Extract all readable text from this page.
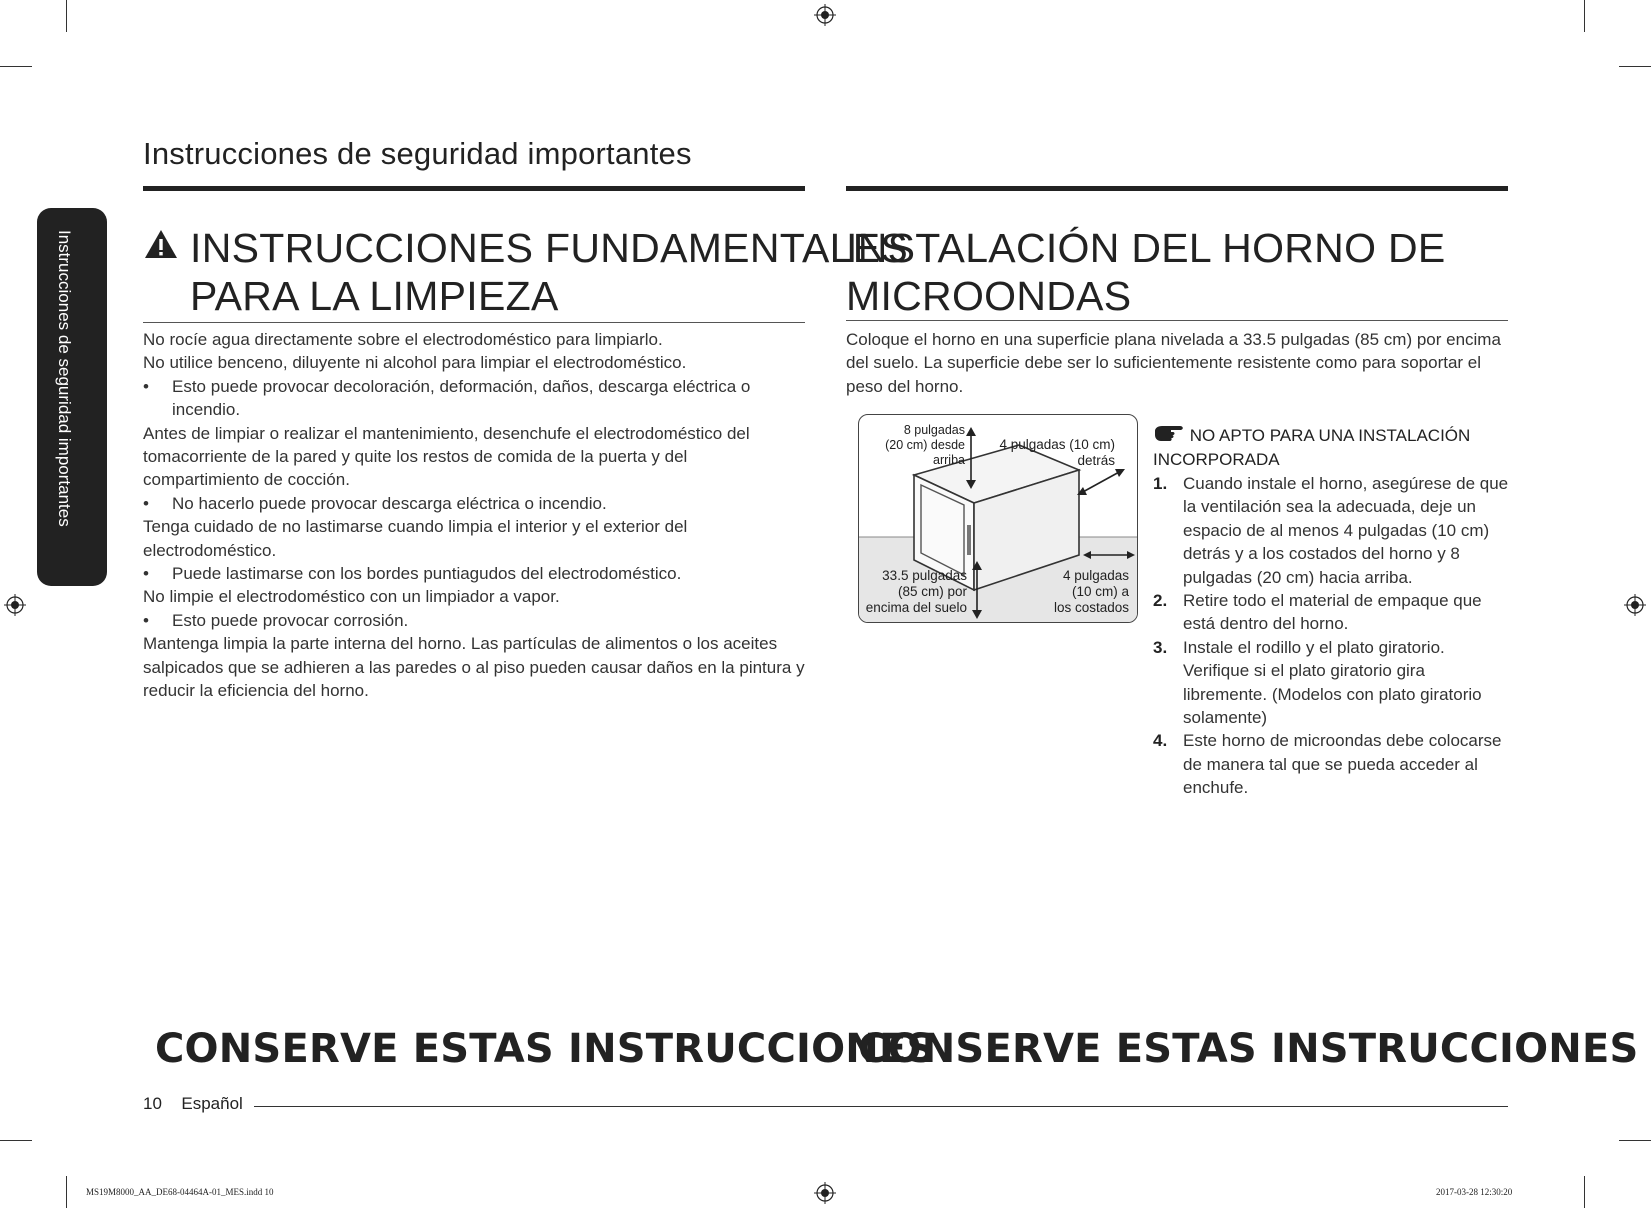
Instrucciones de seguridad importantes
Instrucciones de seguridad importantes	INSTRUCCIONES FUNDAMENTALES
PARA LA LIMPIEZA

No rocíe agua directamente sobre el electrodoméstico para limpiarlo.

No utilice benceno, diluyente ni alcohol para limpiar el electrodoméstico.

• Esto puede provocar decoloración, deformación, daños, descarga eléctrica o incendio.

Antes de limpiar o realizar el mantenimiento, desenchufe el electrodoméstico del tomacorriente de la pared y quite los restos de comida de la puerta y del compartimiento de cocción.

• No hacerlo puede provocar descarga eléctrica o incendio.

Tenga cuidado de no lastimarse cuando limpia el interior y el exterior del electrodoméstico.

• Puede lastimarse con los bordes puntiagudos del electrodoméstico.

No limpie el electrodoméstico con un limpiador a vapor.

• Esto puede provocar corrosión.

Mantenga limpia la parte interna del horno. Las partículas de alimentos o los aceites salpicados que se adhieren a las paredes o al piso pueden causar daños en la pintura y reducir la eficiencia del horno.

INSTALACIÓN DEL HORNO DE
MICROONDAS
Coloque el horno en una superficie plana nivelada a 33.5 pulgadas (85 cm) por encima del suelo. La superficie debe ser lo suficientemente resistente como para soportar el peso del horno.
8 pulgadas
(20 cm) desde arriba
4 pulgadas (10 cm)
detrás
33.5 pulgadas
(85 cm) por
encima del suelo
4 pulgadas
(10 cm) a
los costados
NO APTO PARA UNA INSTALACIÓN
INCORPORADA
1. Cuando instale el horno, asegúrese de que la ventilación sea la adecuada, deje un espacio de al menos 4 pulgadas (10 cm) detrás y a los costados del horno y 8 pulgadas (20 cm) hacia arriba.
2. Retire todo el material de empaque que está dentro del horno.
3. Instale el rodillo y el plato giratorio. Verifique si el plato giratorio gira libremente. (Modelos con plato giratorio solamente)
4. Este horno de microondas debe colocarse de manera tal que se pueda acceder al enchufe.
CONSERVE ESTAS INSTRUCCIONES
CONSERVE ESTAS INSTRUCCIONES
10 Español
MS19M8000_AA_DE68-04464A-01_MES.indd 10	2017-03-28 12:30:20
